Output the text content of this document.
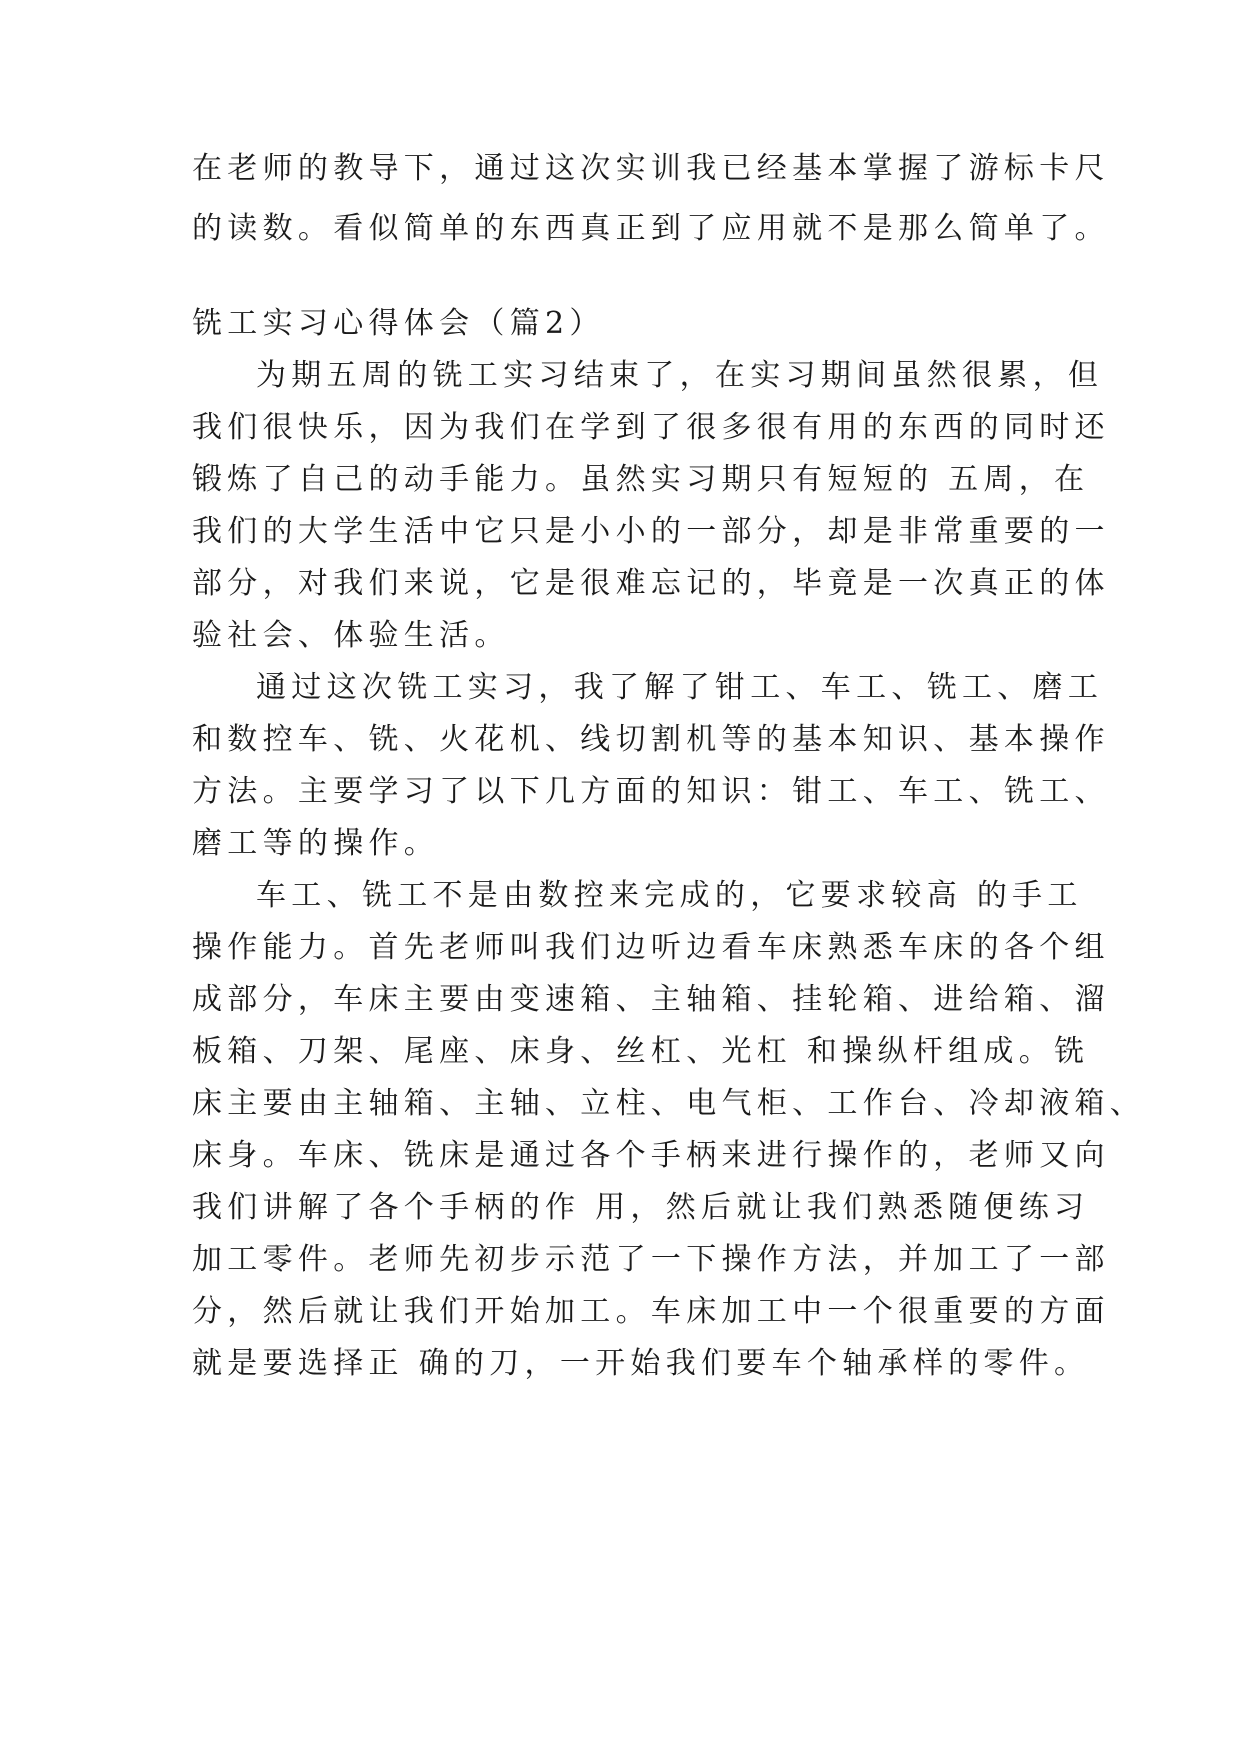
在老师的教导下，通过这次实训我已经基本掌握了游标卡尺
的读数。看似简单的东西真正到了应用就不是那么简单了。
铣工实习心得体会（篇2）
为期五周的铣工实习结束了，在实习期间虽然很累，但
我们很快乐，因为我们在学到了很多很有用的东西的同时还
锻炼了自己的动手能力。虽然实习期只有短短的 五周，在
我们的大学生活中它只是小小的一部分，却是非常重要的一
部分，对我们来说，它是很难忘记的，毕竟是一次真正的体
验社会、体验生活。
通过这次铣工实习，我了解了钳工、车工、铣工、磨工
和数控车、铣、火花机、线切割机等的基本知识、基本操作
方法。主要学习了以下几方面的知识：钳工、车工、铣工、
磨工等的操作。
车工、铣工不是由数控来完成的，它要求较高 的手工
操作能力。首先老师叫我们边听边看车床熟悉车床的各个组
成部分，车床主要由变速箱、主轴箱、挂轮箱、进给箱、溜
板箱、刀架、尾座、床身、丝杠、光杠 和操纵杆组成。铣
床主要由主轴箱、主轴、立柱、电气柜、工作台、冷却液箱、
床身。车床、铣床是通过各个手柄来进行操作的，老师又向
我们讲解了各个手柄的作 用，然后就让我们熟悉随便练习
加工零件。老师先初步示范了一下操作方法，并加工了一部
分，然后就让我们开始加工。车床加工中一个很重要的方面
就是要选择正 确的刀，一开始我们要车个轴承样的零件。
